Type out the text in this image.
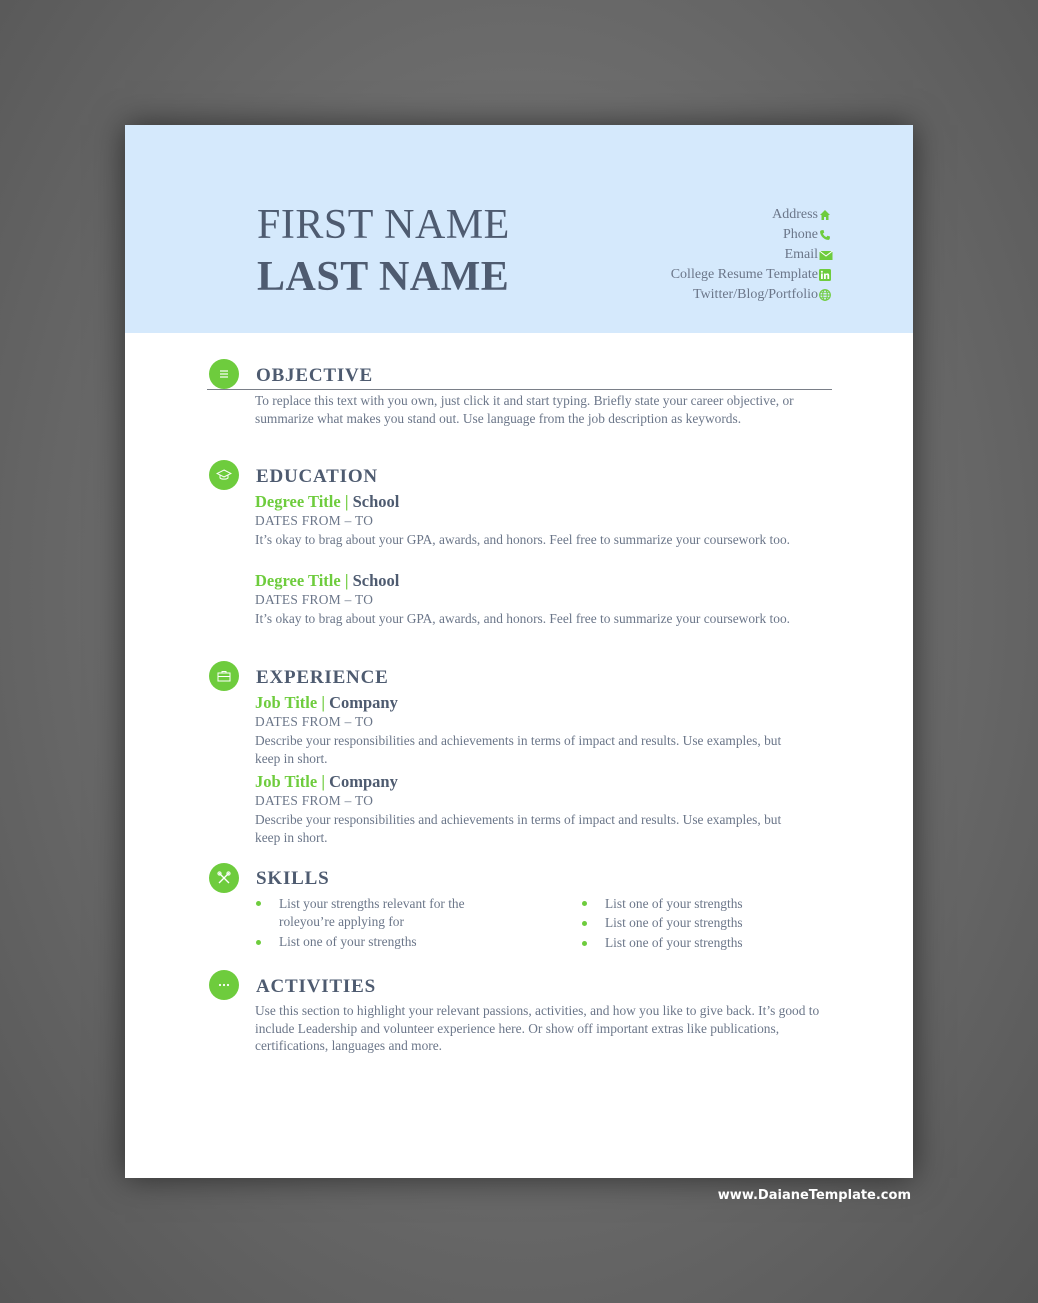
FIRST NAME
LAST NAME
Address
Phone
Email
College Resume Template
Twitter/Blog/Portfolio
OBJECTIVE
To replace this text with you own, just click it and start typing. Briefly state your career objective, or summarize what makes you stand out. Use language from the job description as keywords.
EDUCATION
Degree Title | School
DATES FROM – TO
It’s okay to brag about your GPA, awards, and honors. Feel free to summarize your coursework too.
Degree Title | School
DATES FROM – TO
It’s okay to brag about your GPA, awards, and honors. Feel free to summarize your coursework too.
EXPERIENCE
Job Title | Company
DATES FROM – TO
Describe your responsibilities and achievements in terms of impact and results. Use examples, but keep in short.
Job Title | Company
DATES FROM – TO
Describe your responsibilities and achievements in terms of impact and results. Use examples, but keep in short.
SKILLS
List your strengths relevant for the roleyou’re applying for
List one of your strengths
List one of your strengths
List one of your strengths
List one of your strengths
ACTIVITIES
Use this section to highlight your relevant passions, activities, and how you like to give back. It’s good to include Leadership and volunteer experience here. Or show off important extras like publications, certifications, languages and more.
www.DaianeTemplate.com
